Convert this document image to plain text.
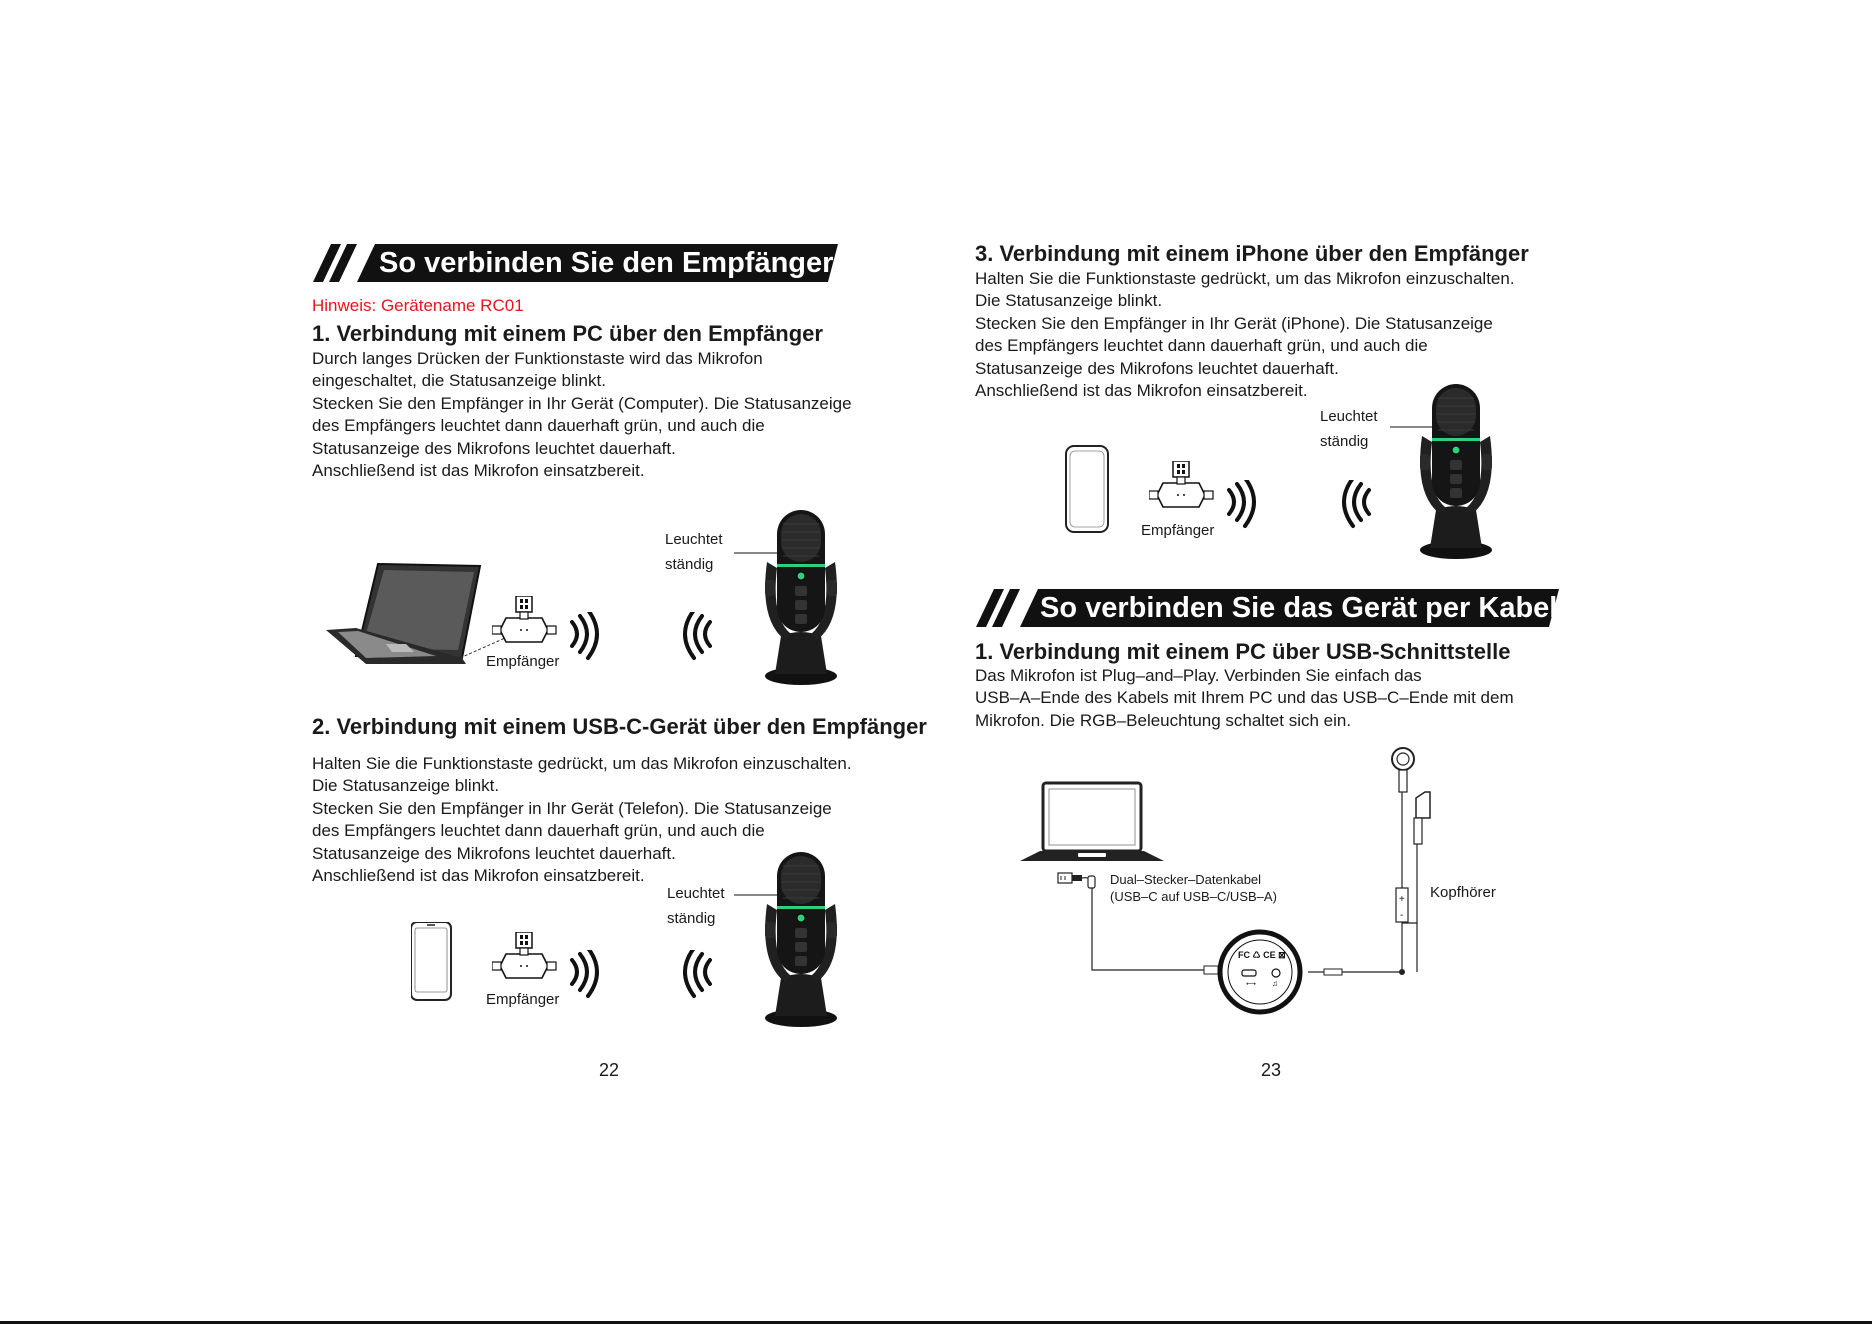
So verbinden Sie den Empfänger
Hinweis: Gerätename RC01
1. Verbindung mit einem PC über den Empfänger
Durch langes Drücken der Funktionstaste wird das Mikrofon
eingeschaltet, die Statusanzeige blinkt.
Stecken Sie den Empfänger in Ihr Gerät (Computer). Die Statusanzeige
des Empfängers leuchtet dann dauerhaft grün, und auch die
Statusanzeige des Mikrofons leuchtet dauerhaft.
Anschließend ist das Mikrofon einsatzbereit.
Empfänger
Leuchtet
ständig
2. Verbindung mit einem USB-C-Gerät über den Empfänger
Halten Sie die Funktionstaste gedrückt, um das Mikrofon einzuschalten.
Die Statusanzeige blinkt.
Stecken Sie den Empfänger in Ihr Gerät (Telefon). Die Statusanzeige
des Empfängers leuchtet dann dauerhaft grün, und auch die
Statusanzeige des Mikrofons leuchtet dauerhaft.
Anschließend ist das Mikrofon einsatzbereit.
Empfänger
Leuchtet
ständig
22
3. Verbindung mit einem iPhone über den Empfänger
Halten Sie die Funktionstaste gedrückt, um das Mikrofon einzuschalten.
Die Statusanzeige blinkt.
Stecken Sie den Empfänger in Ihr Gerät (iPhone). Die Statusanzeige
des Empfängers leuchtet dann dauerhaft grün, und auch die
Statusanzeige des Mikrofons leuchtet dauerhaft.
Anschließend ist das Mikrofon einsatzbereit.
Empfänger
Leuchtet
ständig
So verbinden Sie das Gerät per Kabel
1. Verbindung mit einem PC über USB-Schnittstelle
Das Mikrofon ist Plug–and–Play. Verbinden Sie einfach das
USB–A–Ende des Kabels mit Ihrem PC und das USB–C–Ende mit dem
Mikrofon. Die RGB–Beleuchtung schaltet sich ein.
FC ♺ CE ⊠
⟷ ♫
+
-
Dual–Stecker–Datenkabel
(USB–C auf USB–C/USB–A)	Kopfhörer
23
